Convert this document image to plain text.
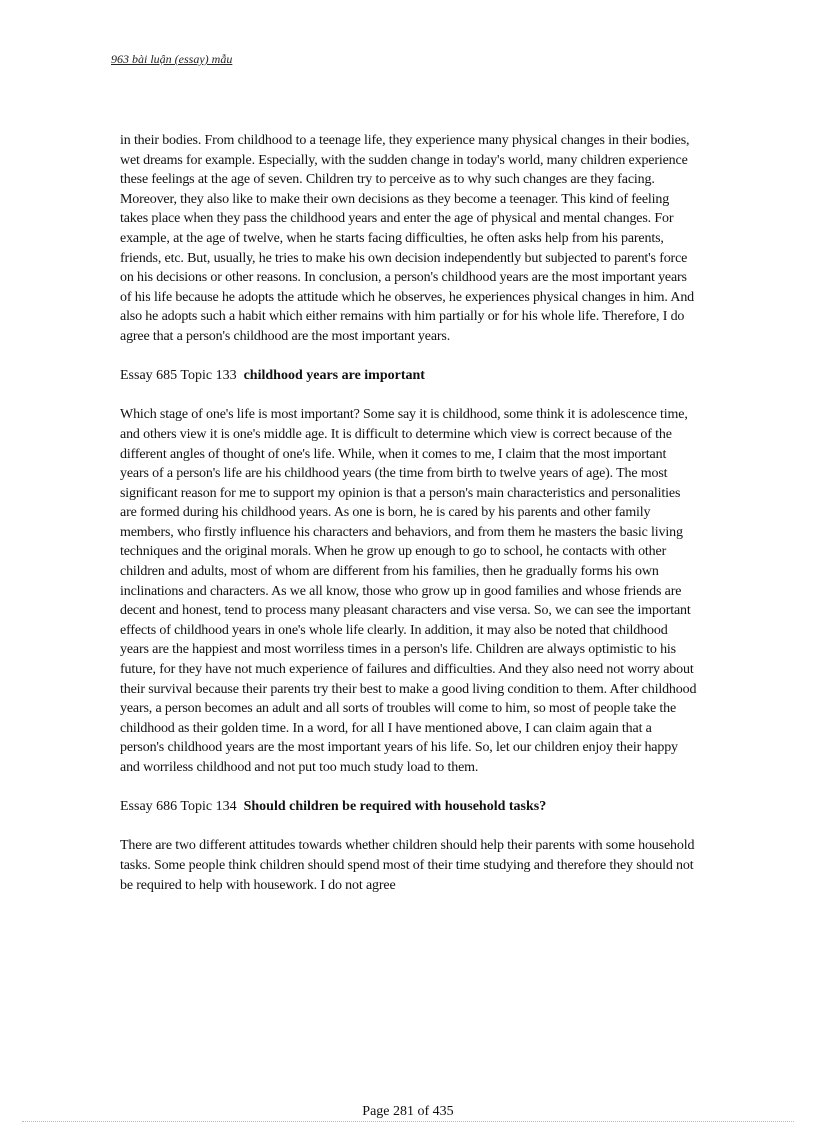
963 bài luận (essay) mẫu

in their bodies. From childhood to a teenage life, they experience many physical changes in their bodies, wet dreams for example. Especially, with the sudden change in today's world, many children experience these feelings at the age of seven. Children try to perceive as to why such changes are they facing. Moreover, they also like to make their own decisions as they become a teenager. This kind of feeling takes place when they pass the childhood years and enter the age of physical and mental changes. For example, at the age of twelve, when he starts facing difficulties, he often asks help from his parents, friends, etc. But, usually, he tries to make his own decision independently but subjected to parent's force on his decisions or other reasons. In conclusion, a person's childhood years are the most important years of his life because he adopts the attitude which he observes, he experiences physical changes in him. And also he adopts such a habit which either remains with him partially or for his whole life. Therefore, I do agree that a person's childhood are the most important years.

Essay 685 Topic 133 childhood years are important

Which stage of one's life is most important? Some say it is childhood, some think it is adolescence time, and others view it is one's middle age. It is difficult to determine which view is correct because of the different angles of thought of one's life. While, when it comes to me, I claim that the most important years of a person's life are his childhood years (the time from birth to twelve years of age). The most significant reason for me to support my opinion is that a person's main characteristics and personalities are formed during his childhood years. As one is born, he is cared by his parents and other family members, who firstly influence his characters and behaviors, and from them he masters the basic living techniques and the original morals. When he grow up enough to go to school, he contacts with other children and adults, most of whom are different from his families, then he gradually forms his own inclinations and characters. As we all know, those who grow up in good families and whose friends are decent and honest, tend to process many pleasant characters and vise versa. So, we can see the important effects of childhood years in one's whole life clearly. In addition, it may also be noted that childhood years are the happiest and most worriless times in a person's life. Children are always optimistic to his future, for they have not much experience of failures and difficulties. And they also need not worry about their survival because their parents try their best to make a good living condition to them. After childhood years, a person becomes an adult and all sorts of troubles will come to him, so most of people take the childhood as their golden time. In a word, for all I have mentioned above, I can claim again that a person's childhood years are the most important years of his life. So, let our children enjoy their happy and worriless childhood and not put too much study load to them.

Essay 686 Topic 134 Should children be required with household tasks?

There are two different attitudes towards whether children should help their parents with some household tasks. Some people think children should spend most of their time studying and therefore they should not be required to help with housework. I do not agree

Page 281 of 435
